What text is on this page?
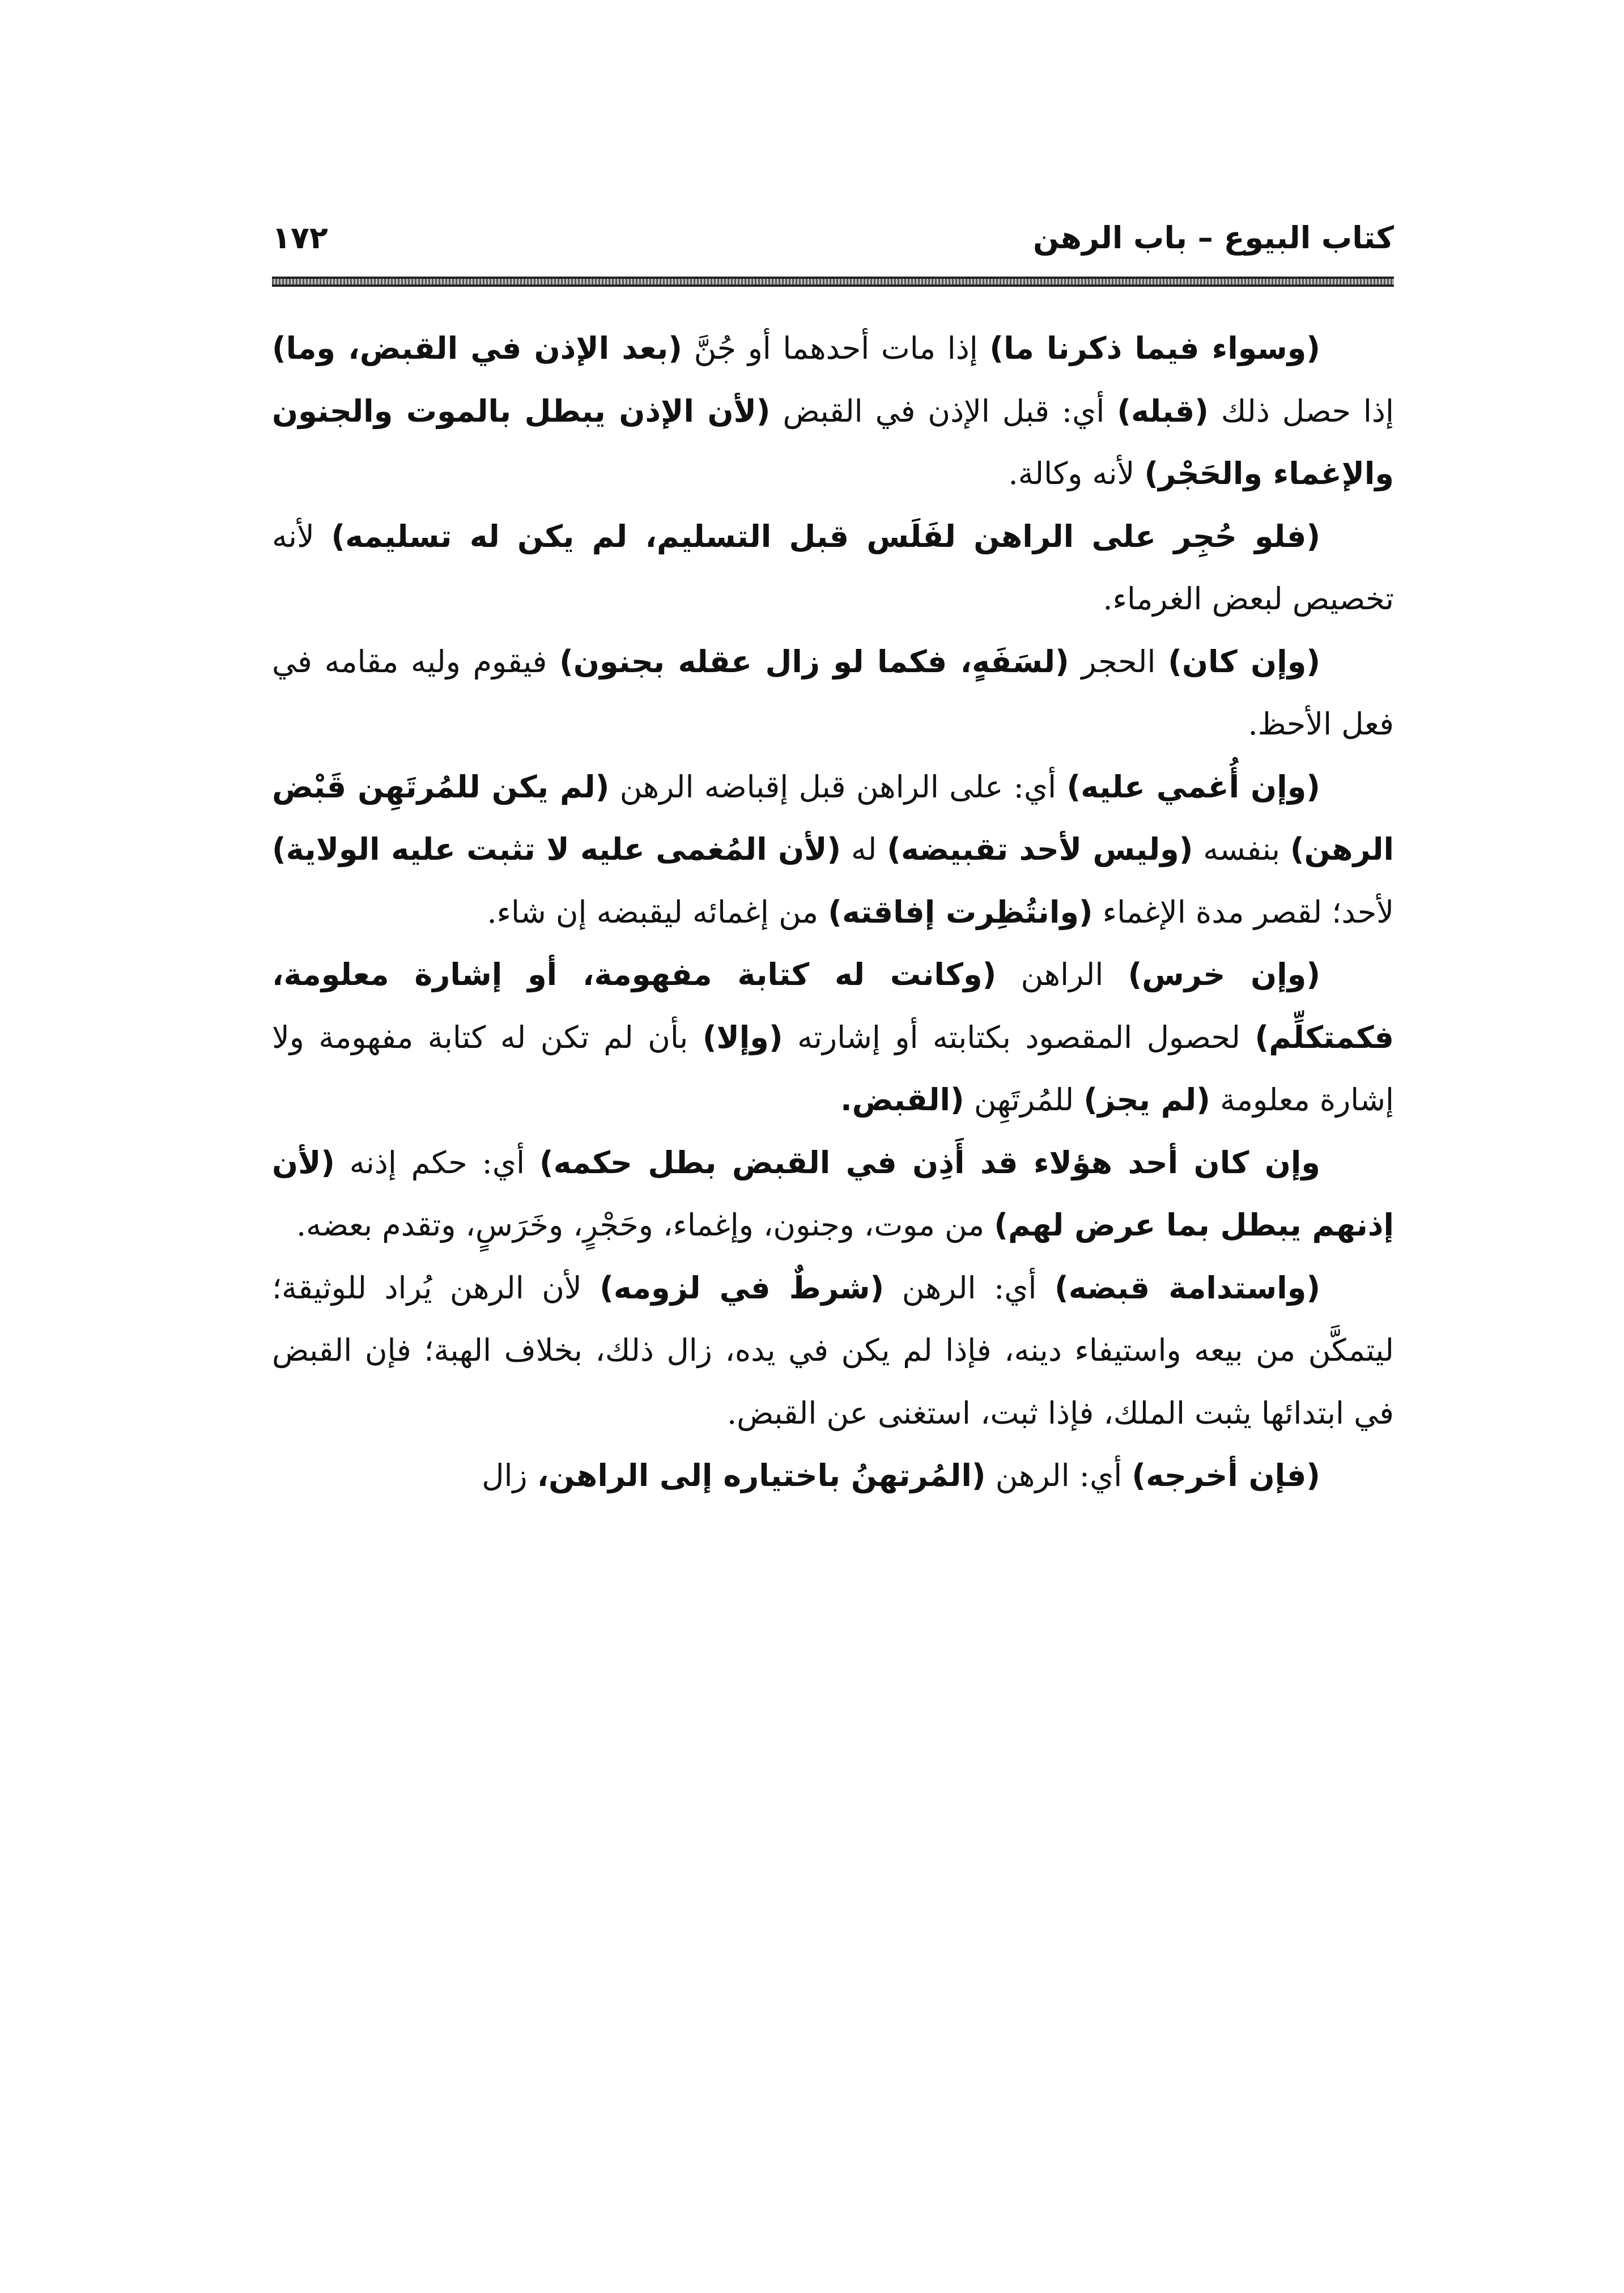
كتاب البيوع – باب الرهن
١٧٢

(وسواء فيما ذكرنا ما) إذا مات أحدهما أو جُنَّ (بعد الإذن في القبض، وما) إذا حصل ذلك (قبله) أي: قبل الإذن في القبض (لأن الإذن يبطل بالموت والجنون والإغماء والحَجْر) لأنه وكالة.

(فلو حُجِر على الراهن لفَلَس قبل التسليم، لم يكن له تسليمه) لأنه تخصيص لبعض الغرماء.

(وإن كان) الحجر (لسَفَهٍ، فكما لو زال عقله بجنون) فيقوم وليه مقامه في فعل الأحظ.

(وإن أُغمي عليه) أي: على الراهن قبل إقباضه الرهن (لم يكن للمُرتَهِن قَبْض الرهن) بنفسه (وليس لأحد تقبيضه) له (لأن المُغمى عليه لا تثبت عليه الولاية) لأحد؛ لقصر مدة الإغماء (وانتُظِرت إفاقته) من إغمائه ليقبضه إن شاء.

(وإن خرس) الراهن (وكانت له كتابة مفهومة، أو إشارة معلومة، فكمتكلِّم) لحصول المقصود بكتابته أو إشارته (وإلا) بأن لم تكن له كتابة مفهومة ولا إشارة معلومة (لم يجز) للمُرتَهِن (القبض.

وإن كان أحد هؤلاء قد أَذِن في القبض بطل حكمه) أي: حكم إذنه (لأن إذنهم يبطل بما عرض لهم) من موت، وجنون، وإغماء، وحَجْرٍ، وخَرَسٍ، وتقدم بعضه.

(واستدامة قبضه) أي: الرهن (شرطٌ في لزومه) لأن الرهن يُراد للوثيقة؛ ليتمكَّن من بيعه واستيفاء دينه، فإذا لم يكن في يده، زال ذلك، بخلاف الهبة؛ فإن القبض في ابتدائها يثبت الملك، فإذا ثبت، استغنى عن القبض.

(فإن أخرجه) أي: الرهن (المُرتهنُ باختياره إلى الراهن، زال
